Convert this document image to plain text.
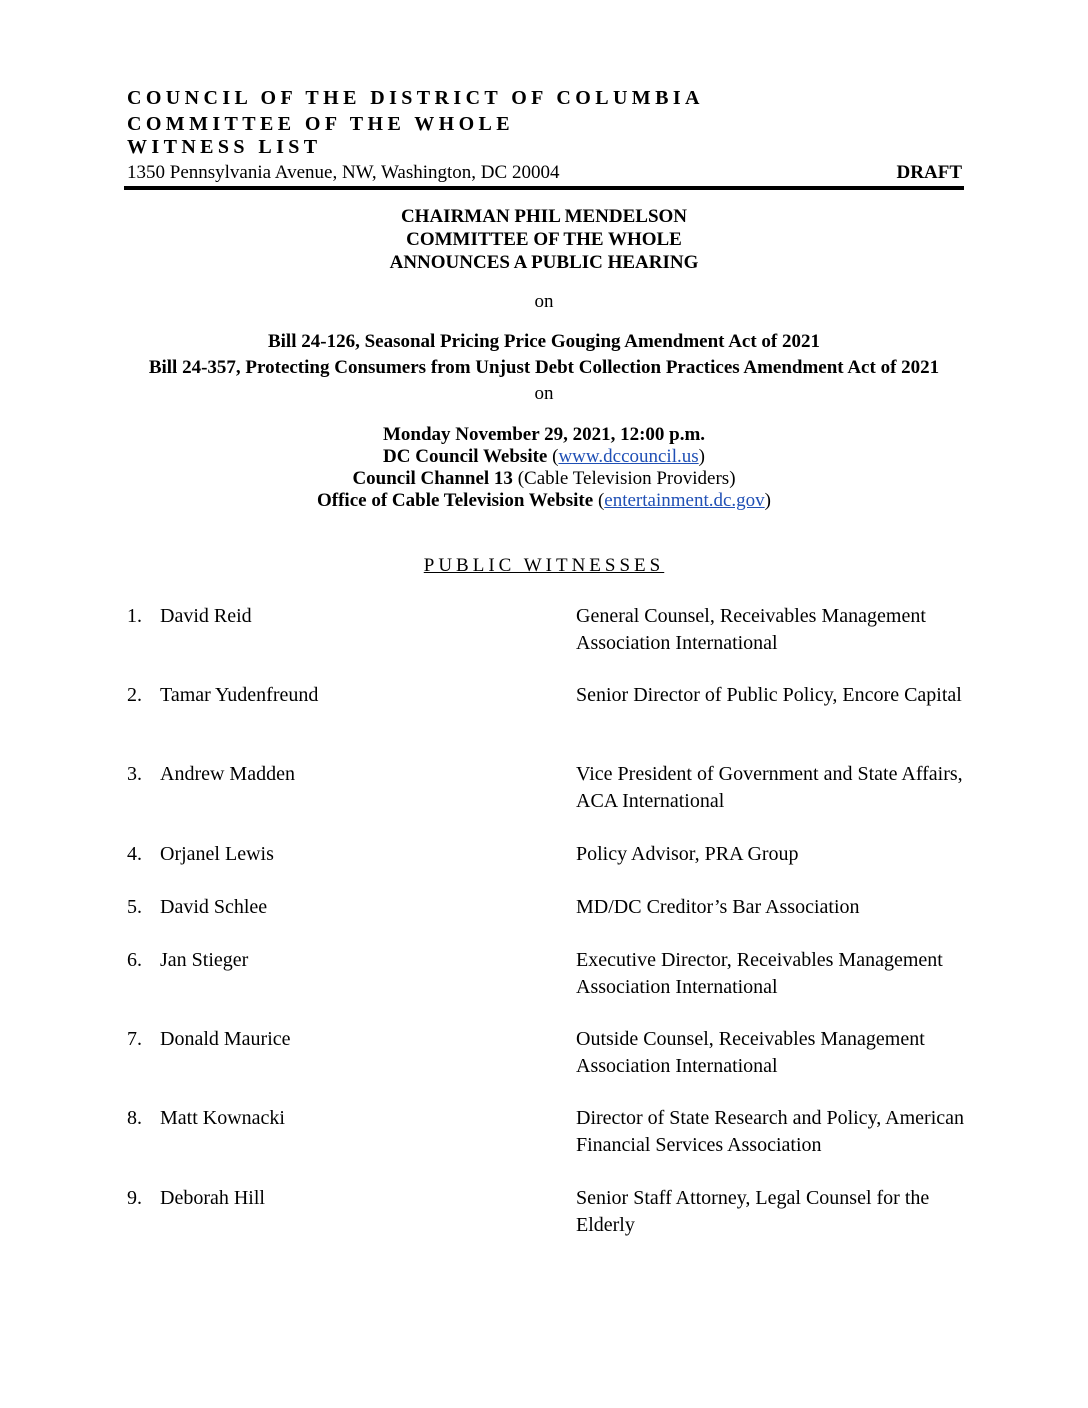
COUNCIL OF THE DISTRICT OF COLUMBIA
COMMITTEE OF THE WHOLE
WITNESS LIST
1350 Pennsylvania Avenue, NW, Washington, DC 20004	DRAFT
CHAIRMAN PHIL MENDELSON
COMMITTEE OF THE WHOLE
ANNOUNCES A PUBLIC HEARING
on
Bill 24-126, Seasonal Pricing Price Gouging Amendment Act of 2021
Bill 24-357, Protecting Consumers from Unjust Debt Collection Practices Amendment Act of 2021
on
Monday November 29, 2021, 12:00 p.m.
DC Council Website (www.dccouncil.us)
Council Channel 13 (Cable Television Providers)
Office of Cable Television Website (entertainment.dc.gov)
PUBLIC WITNESSES
1. David Reid	General Counsel, Receivables Management Association International
2. Tamar Yudenfreund	Senior Director of Public Policy, Encore Capital
3. Andrew Madden	Vice President of Government and State Affairs, ACA International
4. Orjanel Lewis	Policy Advisor, PRA Group
5. David Schlee	MD/DC Creditor’s Bar Association
6. Jan Stieger	Executive Director, Receivables Management Association International
7. Donald Maurice	Outside Counsel, Receivables Management Association International
8. Matt Kownacki	Director of State Research and Policy, American Financial Services Association
9. Deborah Hill	Senior Staff Attorney, Legal Counsel for the Elderly
